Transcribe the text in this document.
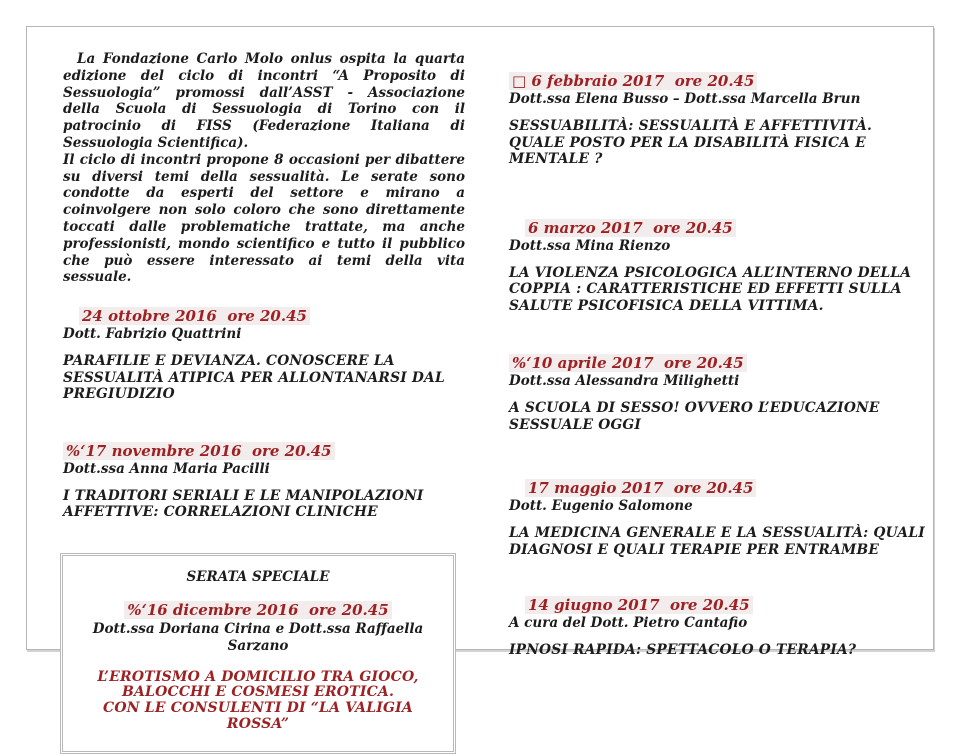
La Fondazione Carlo Molo onlus ospita la quarta edizione del ciclo di incontri “A Proposito di Sessuologia” promossi dall’ASST - Associazione della Scuola di Sessuologia di Torino con il patrocinio di FISS (Federazione Italiana di Sessuologia Scientifica).

Il ciclo di incontri propone 8 occasioni per dibattere su diversi temi della sessualità. Le serate sono condotte da esperti del settore e mirano a coinvolgere non solo coloro che sono direttamente toccati dalle problematiche trattate, ma anche professionisti, mondo scientifico e tutto il pubblico che può essere interessato ai temi della vita sessuale.

24 ottobre 2016  ore 20.45

Dott. Fabrizio Quattrini

PARAFILIE E DEVIANZA. CONOSCERE LA SESSUALITÀ ATIPICA PER ALLONTANARSI DAL PREGIUDIZIO

%‘17 novembre 2016  ore 20.45

Dott.ssa Anna Maria Pacilli

I TRADITORI SERIALI E LE MANIPOLAZIONI AFFETTIVE: CORRELAZIONI CLINICHE

SERATA SPECIALE

%‘16 dicembre 2016  ore 20.45

Dott.ssa Doriana Cirina e Dott.ssa Raffaella Sarzano

L’EROTISMO A DOMICILIO TRA GIOCO,

BALOCCHI E COSMESI EROTICA.

CON LE CONSULENTI DI “LA VALIGIA ROSSA”

□ 6 febbraio 2017  ore 20.45

Dott.ssa Elena Busso – Dott.ssa Marcella Brun

SESSUABILITÀ: SESSUALITÀ E AFFETTIVITÀ. QUALE POSTO PER LA DISABILITÀ FISICA E MENTALE ?

6 marzo 2017  ore 20.45

Dott.ssa Mina Rienzo

LA VIOLENZA PSICOLOGICA ALL’INTERNO DELLA COPPIA : CARATTERISTICHE ED EFFETTI SULLA SALUTE PSICOFISICA DELLA VITTIMA.

%‘10 aprile 2017  ore 20.45

Dott.ssa Alessandra Milighetti

A SCUOLA DI SESSO! OVVERO L’EDUCAZIONE SESSUALE OGGI

17 maggio 2017  ore 20.45

Dott. Eugenio Salomone

LA MEDICINA GENERALE E LA SESSUALITÀ: QUALI DIAGNOSI E QUALI TERAPIE PER ENTRAMBE

14 giugno 2017  ore 20.45

A cura del Dott. Pietro Cantafio

IPNOSI RAPIDA: SPETTACOLO O TERAPIA?
